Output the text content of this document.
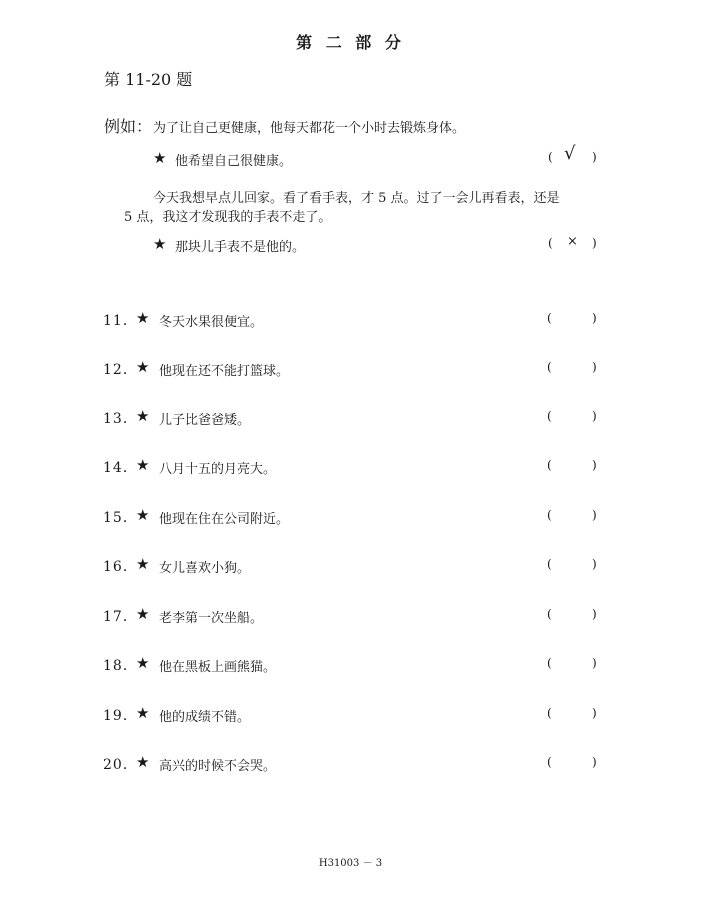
第 二 部 分
第 11-20 题
例如： 为了让自己更健康，他每天都花一个小时去锻炼身体。
★ 他希望自己很健康。	( √ )
今天我想早点儿回家。看了看手表，才 5 点。过了一会儿再看表，还是
5 点，我这才发现我的手表不走了。
★ 那块儿手表不是他的。	( × )
11．
★ 冬天水果很便宜。	(	)
12．
★ 他现在还不能打篮球。	(	)
13．
★ 儿子比爸爸矮。	(	)
14．
★ 八月十五的月亮大。	(	)
15．
★ 他现在住在公司附近。	(	)
16．
★ 女儿喜欢小狗。	(	)
17．
★ 老李第一次坐船。	(	)
18．
★ 他在黑板上画熊猫。	(	)
19．
★ 他的成绩不错。	(	)
20．
★ 高兴的时候不会哭。	(	)
H31003 － 3
